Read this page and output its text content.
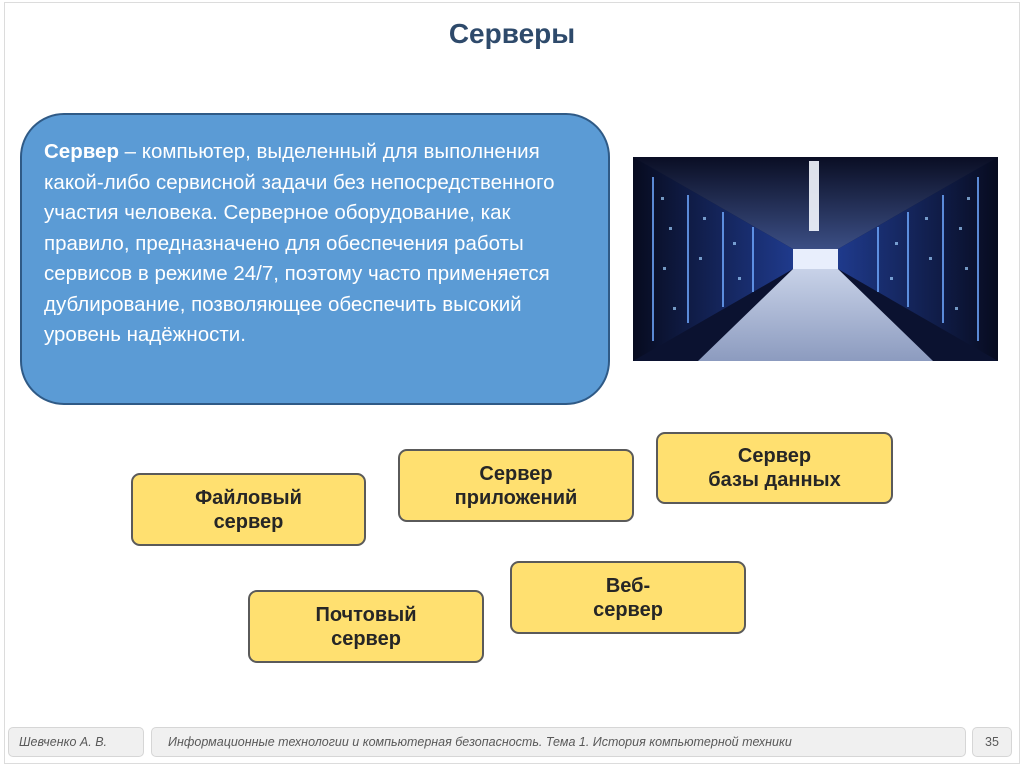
Серверы
Сервер – компьютер, выделенный для выполнения какой-либо сервисной задачи без непосредственного участия человека. Серверное оборудование, как правило, предназначено для обеспечения работы сервисов в режиме 24/7, поэтому часто применяется дублирование, позволяющее обеспечить высокий уровень надёжности.
Файловый
сервер
Сервер
приложений
Сервер
базы данных
Почтовый
сервер
Веб-
сервер
Шевченко А. В.	Информационные технологии и компьютерная безопасность. Тема 1. История компьютерной техники	35
